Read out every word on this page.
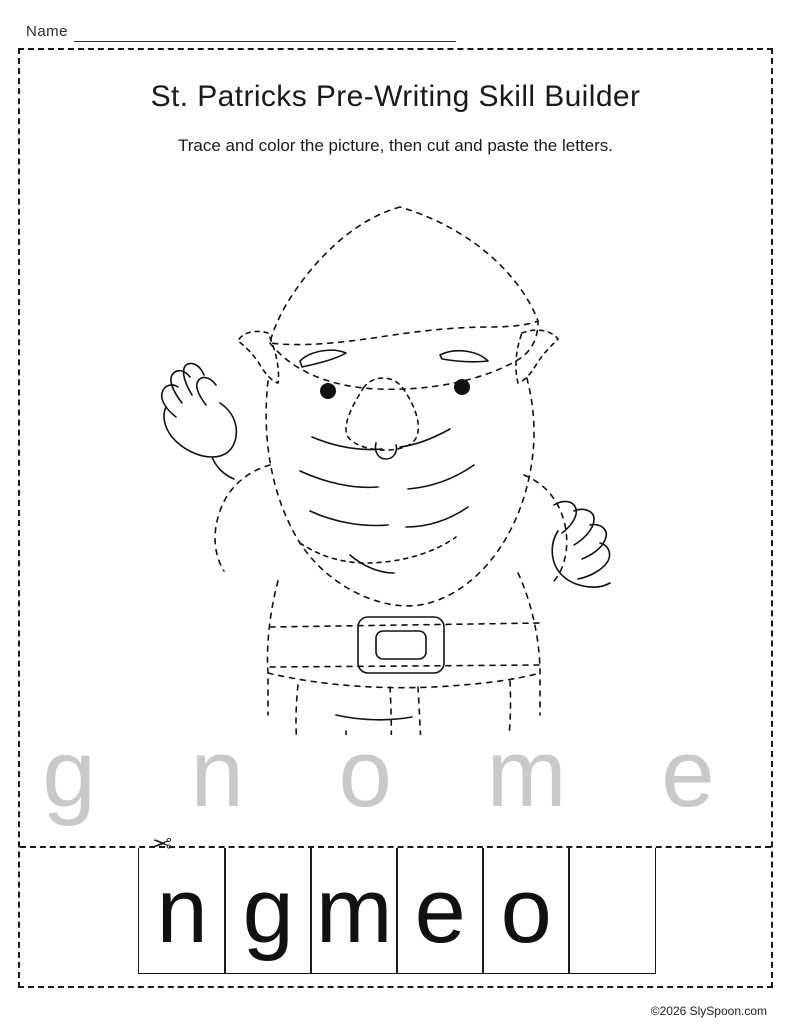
Name
St. Patricks Pre-Writing Skill Builder
Trace and color the picture, then cut and paste the letters.
g n o m e
✂
n g m e o
©2026 SlySpoon.com
